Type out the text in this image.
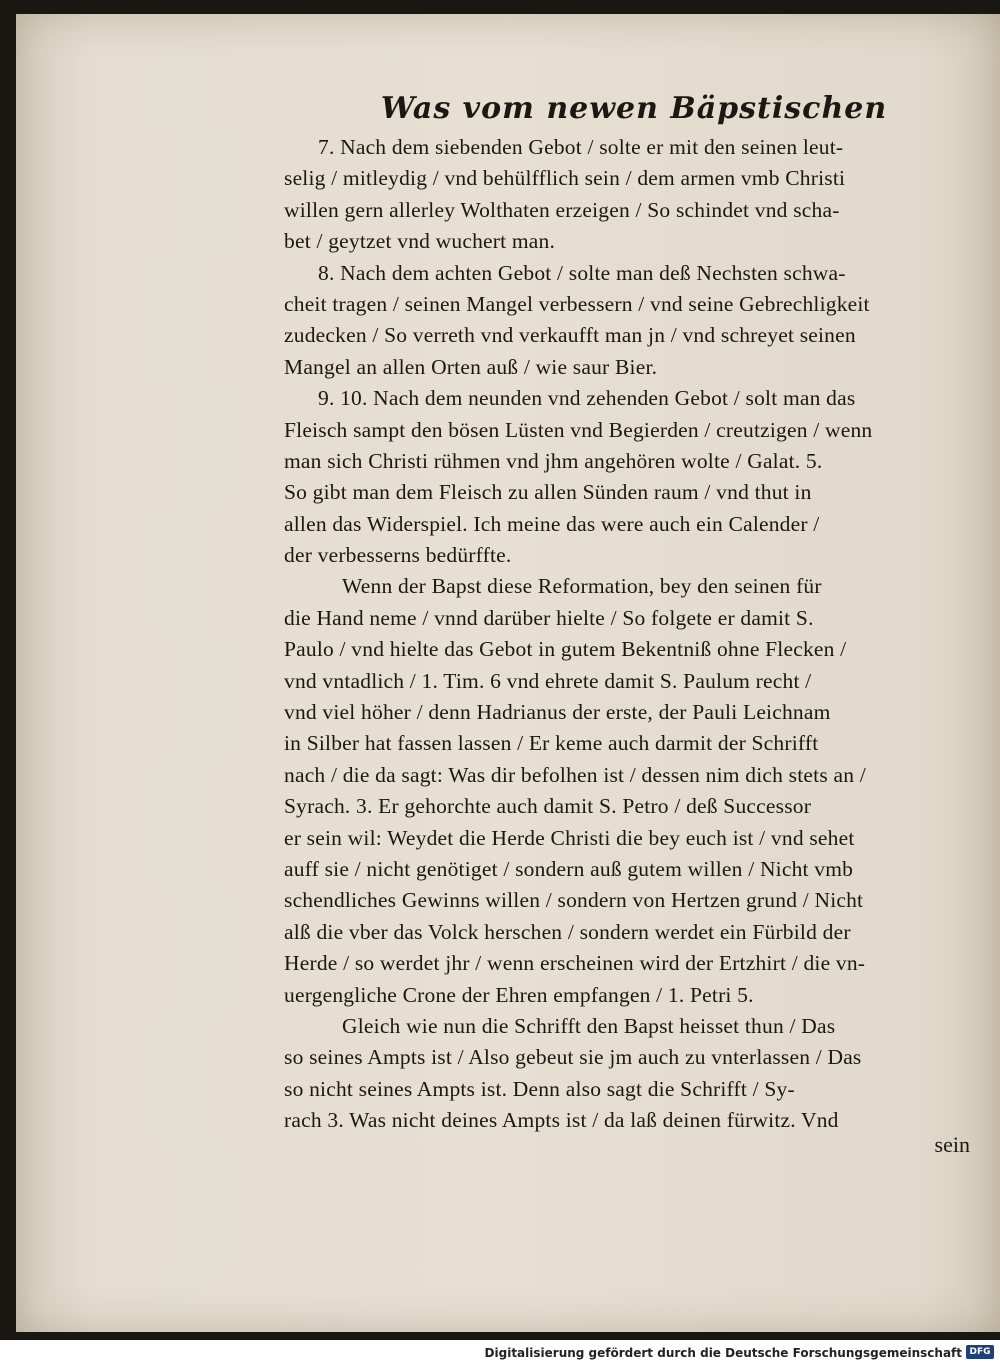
Was vom newen Bäpstischen
7. Nach dem siebenden Gebot / solte er mit den seinen leut-
selig / mitleydig / vnd behülfflich sein / dem armen vmb Christi
willen gern allerley Wolthaten erzeigen / So schindet vnd scha-
bet / geytzet vnd wuchert man.
8. Nach dem achten Gebot / solte man deß Nechsten schwa-
cheit tragen / seinen Mangel verbessern / vnd seine Gebrechligkeit
zudecken / So verreth vnd verkaufft man jn / vnd schreyet seinen
Mangel an allen Orten auß / wie saur Bier.
9. 10. Nach dem neunden vnd zehenden Gebot / solt man das
Fleisch sampt den bösen Lüsten vnd Begierden / creutzigen / wenn
man sich Christi rühmen vnd jhm angehören wolte / Galat. 5.
So gibt man dem Fleisch zu allen Sünden raum / vnd thut in
allen das Widerspiel. Ich meine das were auch ein Calender /
der verbesserns bedürffte.
Wenn der Bapst diese Reformation, bey den seinen für
die Hand neme / vnnd darüber hielte / So folgete er damit S.
Paulo / vnd hielte das Gebot in gutem Bekentniß ohne Flecken /
vnd vntadlich / 1. Tim. 6 vnd ehrete damit S. Paulum recht /
vnd viel höher / denn Hadrianus der erste, der Pauli Leichnam
in Silber hat fassen lassen / Er keme auch darmit der Schrifft
nach / die da sagt: Was dir befolhen ist / dessen nim dich stets an /
Syrach. 3. Er gehorchte auch damit S. Petro / deß Successor
er sein wil: Weydet die Herde Christi die bey euch ist / vnd sehet
auff sie / nicht genötiget / sondern auß gutem willen / Nicht vmb
schendliches Gewinns willen / sondern von Hertzen grund / Nicht
alß die vber das Volck herschen / sondern werdet ein Fürbild der
Herde / so werdet jhr / wenn erscheinen wird der Ertzhirt / die vn-
uergengliche Crone der Ehren empfangen / 1. Petri 5.
Gleich wie nun die Schrifft den Bapst heisset thun / Das
so seines Ampts ist / Also gebeut sie jm auch zu vnterlassen / Das
so nicht seines Ampts ist. Denn also sagt die Schrifft / Sy-
rach 3. Was nicht deines Ampts ist / da laß deinen fürwitz. Vnd
sein
Digitalisierung gefördert durch die Deutsche Forschungsgemeinschaft DFG
